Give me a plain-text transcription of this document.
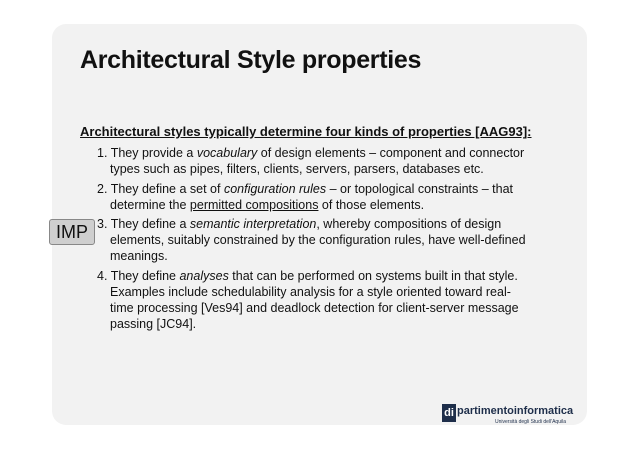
Architectural Style properties
Architectural styles typically determine four kinds of properties [AAG93]:
IMP
1. They provide a vocabulary of design elements – component and connector
types such as pipes, filters, clients, servers, parsers, databases etc.
2. They define a set of configuration rules – or topological constraints – that
determine the permitted compositions of those elements.
3. They define a semantic interpretation, whereby compositions of design
elements, suitably constrained by the configuration rules, have well-defined
meanings.
4. They define analyses that can be performed on systems built in that style.
Examples include schedulability analysis for a style oriented toward real-
time processing [Ves94] and deadlock detection for client-server message
passing [JC94].
di partimentoinformatica
Università degli Studi dell'Aquila
